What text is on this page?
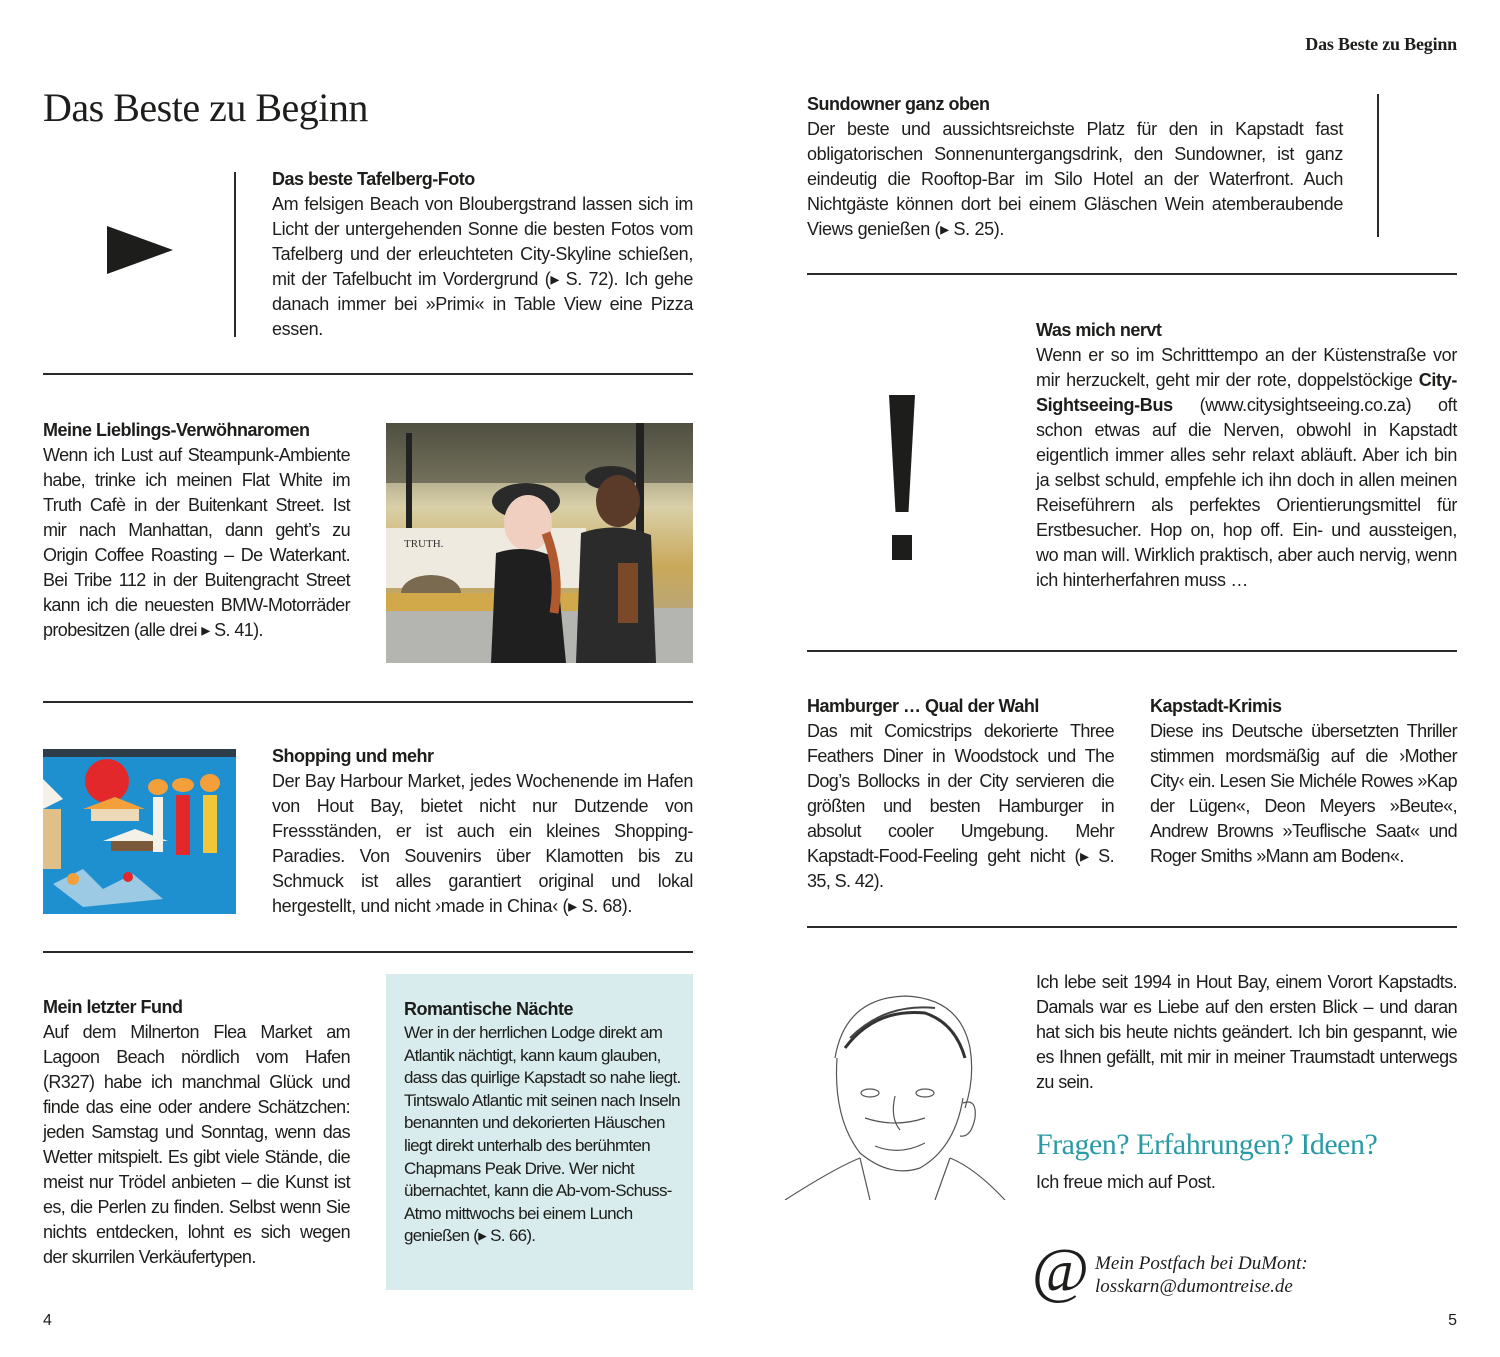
Das Beste zu Beginn
Das Beste zu Beginn
Das beste Tafelberg-Foto
Am felsigen Beach von Bloubergstrand lassen sich im Licht der untergehenden Sonne die besten Fotos vom Tafelberg und der erleuchteten City-Skyline schießen, mit der Tafelbucht im Vordergrund (▸ S. 72). Ich gehe danach immer bei »Primi« in Table View eine Pizza essen.
Meine Lieblings-Verwöhnaromen
Wenn ich Lust auf Steampunk-Ambiente habe, trinke ich meinen Flat White im Truth Cafè in der Buitenkant Street. Ist mir nach Manhattan, dann geht’s zu Origin Coffee Roasting – De Waterkant. Bei Tribe 112 in der Buitengracht Street kann ich die neuesten BMW-Motorräder probesitzen (alle drei ▸ S. 41).
TRUTH.
Shopping und mehr
Der Bay Harbour Market, jedes Wochenende im Hafen von Hout Bay, bietet nicht nur Dutzende von Fressständen, er ist auch ein kleines Shopping-Paradies. Von Souvenirs über Klamotten bis zu Schmuck ist alles garantiert original und lokal hergestellt, und nicht ›made in China‹ (▸ S. 68).
Mein letzter Fund
Auf dem Milnerton Flea Market am Lagoon Beach nördlich vom Hafen (R327) habe ich manchmal Glück und finde das eine oder andere Schätzchen: jeden Samstag und Sonntag, wenn das Wetter mitspielt. Es gibt viele Stände, die meist nur Trödel anbieten – die Kunst ist es, die Perlen zu finden. Selbst wenn Sie nichts entdecken, lohnt es sich wegen der skurrilen Verkäufertypen.
Romantische Nächte
Wer in der herrlichen Lodge direkt am Atlantik nächtigt, kann kaum glauben, dass das quirlige Kapstadt so nahe liegt. Tintswalo Atlantic mit seinen nach Inseln benannten und dekorierten Häuschen liegt direkt unterhalb des berühmten Chapmans Peak Drive. Wer nicht übernachtet, kann die Ab-vom-Schuss-Atmo mittwochs bei einem Lunch genießen (▸ S. 66).
4
Sundowner ganz oben
Der beste und aussichtsreichste Platz für den in Kapstadt fast obligatorischen Sonnenuntergangsdrink, den Sundowner, ist ganz eindeutig die Rooftop-Bar im Silo Hotel an der Waterfront. Auch Nichtgäste können dort bei einem Gläschen Wein atemberaubende Views genießen (▸ S. 25).
Was mich nervt
Wenn er so im Schritttempo an der Küstenstraße vor mir herzuckelt, geht mir der rote, doppelstöckige City-Sightseeing-Bus (www.citysightseeing.co.za) oft schon etwas auf die Nerven, obwohl in Kapstadt eigentlich immer alles sehr relaxt abläuft. Aber ich bin ja selbst schuld, empfehle ich ihn doch in allen meinen Reiseführern als perfektes Orientierungsmittel für Erstbesucher. Hop on, hop off. Ein- und aussteigen, wo man will. Wirklich praktisch, aber auch nervig, wenn ich hinterherfahren muss …
Hamburger … Qual der Wahl
Das mit Comicstrips dekorierte Three Feathers Diner in Woodstock und The Dog’s Bollocks in der City servieren die größten und besten Hamburger in absolut cooler Umgebung. Mehr Kapstadt-Food-Feeling geht nicht (▸ S. 35, S. 42).
Kapstadt-Krimis
Diese ins Deutsche übersetzten Thriller stimmen mordsmäßig auf die ›Mother City‹ ein. Lesen Sie Michéle Rowes »Kap der Lügen«, Deon Meyers »Beute«, Andrew Browns »Teuflische Saat« und Roger Smiths »Mann am Boden«.
Ich lebe seit 1994 in Hout Bay, einem Vorort Kapstadts. Damals war es Liebe auf den ersten Blick – und daran hat sich bis heute nichts geändert. Ich bin gespannt, wie es Ihnen gefällt, mit mir in meiner Traumstadt unterwegs zu sein.
Fragen? Erfahrungen? Ideen?
Ich freue mich auf Post.
@ Mein Postfach bei DuMont:
losskarn@dumontreise.de
5
